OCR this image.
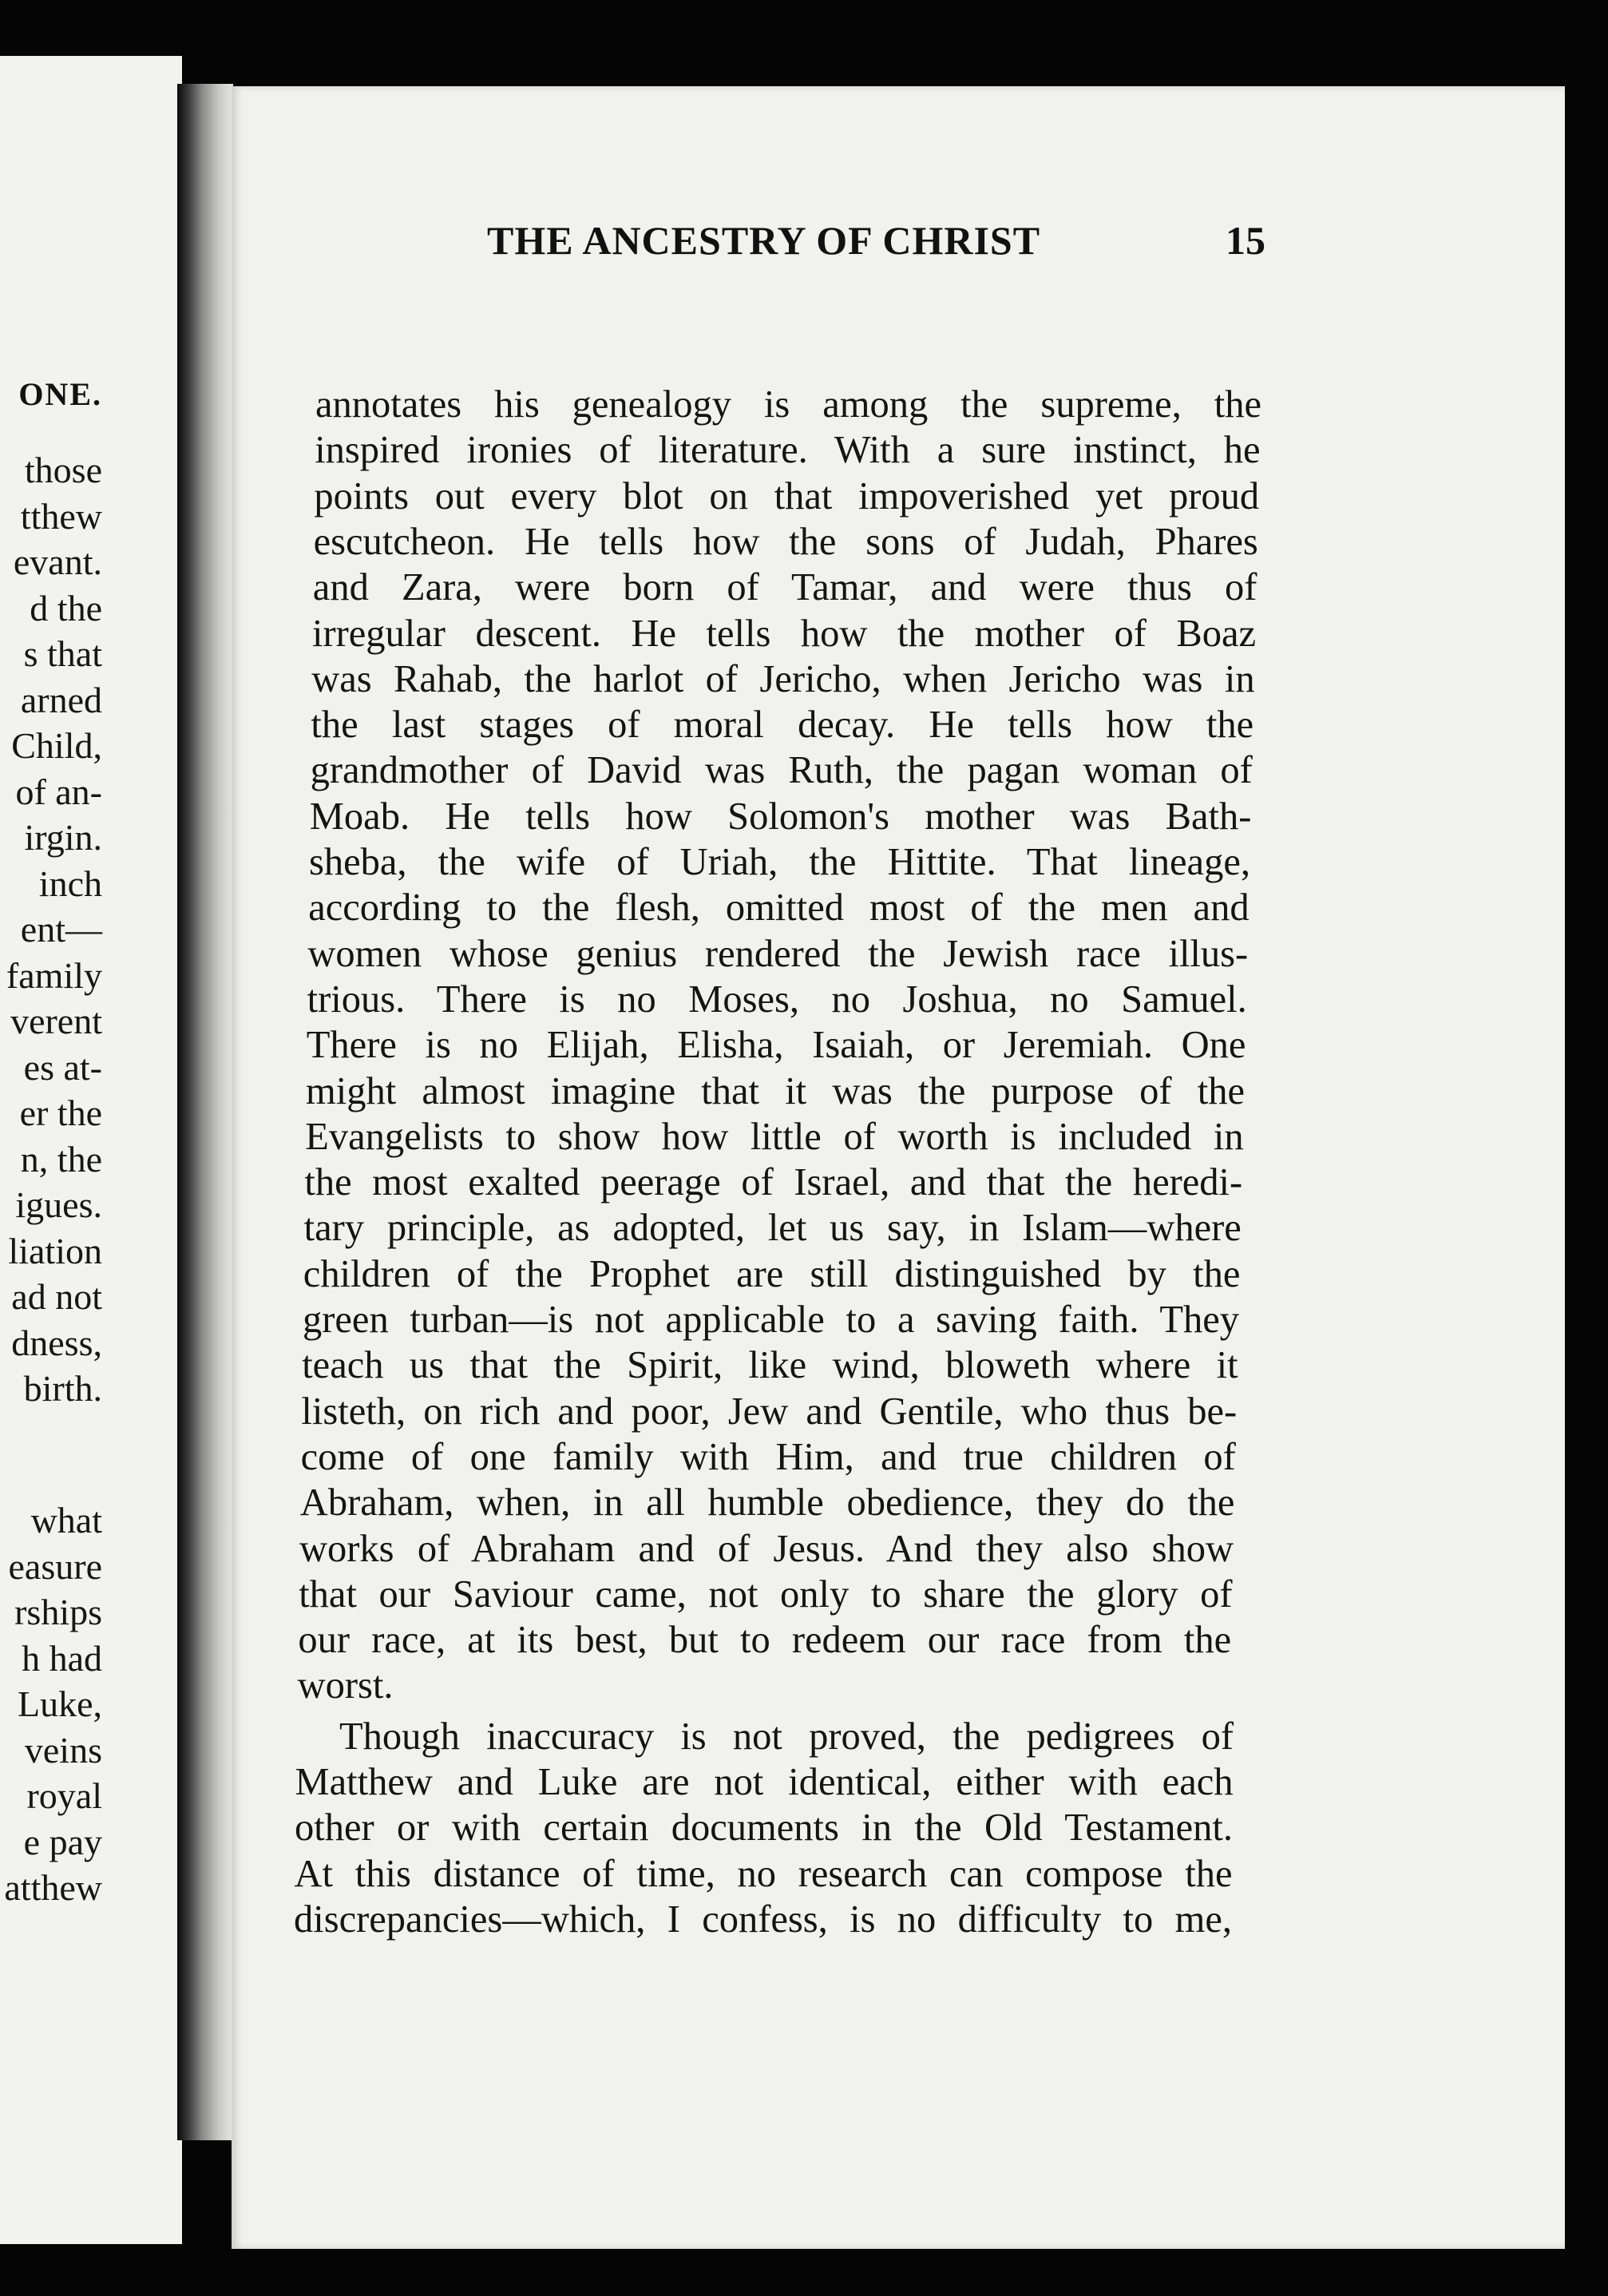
ONE.
those
tthew
evant.
d the
s that
arned
Child,
of an-
irgin.
inch
ent—
family
verent
es at-
er the
n, the
igues.
liation
ad not
dness,
birth.
what
easure
rships
h had
Luke,
veins
royal
e pay
atthew
THE ANCESTRY OF CHRIST	15
annotates his genealogy is among the supreme, the
inspired ironies of literature. With a sure instinct, he
points out every blot on that impoverished yet proud
escutcheon. He tells how the sons of Judah, Phares
and Zara, were born of Tamar, and were thus of
irregular descent. He tells how the mother of Boaz
was Rahab, the harlot of Jericho, when Jericho was in
the last stages of moral decay. He tells how the
grandmother of David was Ruth, the pagan woman of
Moab. He tells how Solomon's mother was Bath-
sheba, the wife of Uriah, the Hittite. That lineage,
according to the flesh, omitted most of the men and
women whose genius rendered the Jewish race illus-
trious. There is no Moses, no Joshua, no Samuel.
There is no Elijah, Elisha, Isaiah, or Jeremiah. One
might almost imagine that it was the purpose of the
Evangelists to show how little of worth is included in
the most exalted peerage of Israel, and that the heredi-
tary principle, as adopted, let us say, in Islam—where
children of the Prophet are still distinguished by the
green turban—is not applicable to a saving faith. They
teach us that the Spirit, like wind, bloweth where it
listeth, on rich and poor, Jew and Gentile, who thus be-
come of one family with Him, and true children of
Abraham, when, in all humble obedience, they do the
works of Abraham and of Jesus. And they also show
that our Saviour came, not only to share the glory of
our race, at its best, but to redeem our race from the
worst.
Though inaccuracy is not proved, the pedigrees of
Matthew and Luke are not identical, either with each
other or with certain documents in the Old Testament.
At this distance of time, no research can compose the
discrepancies—which, I confess, is no difficulty to me,
